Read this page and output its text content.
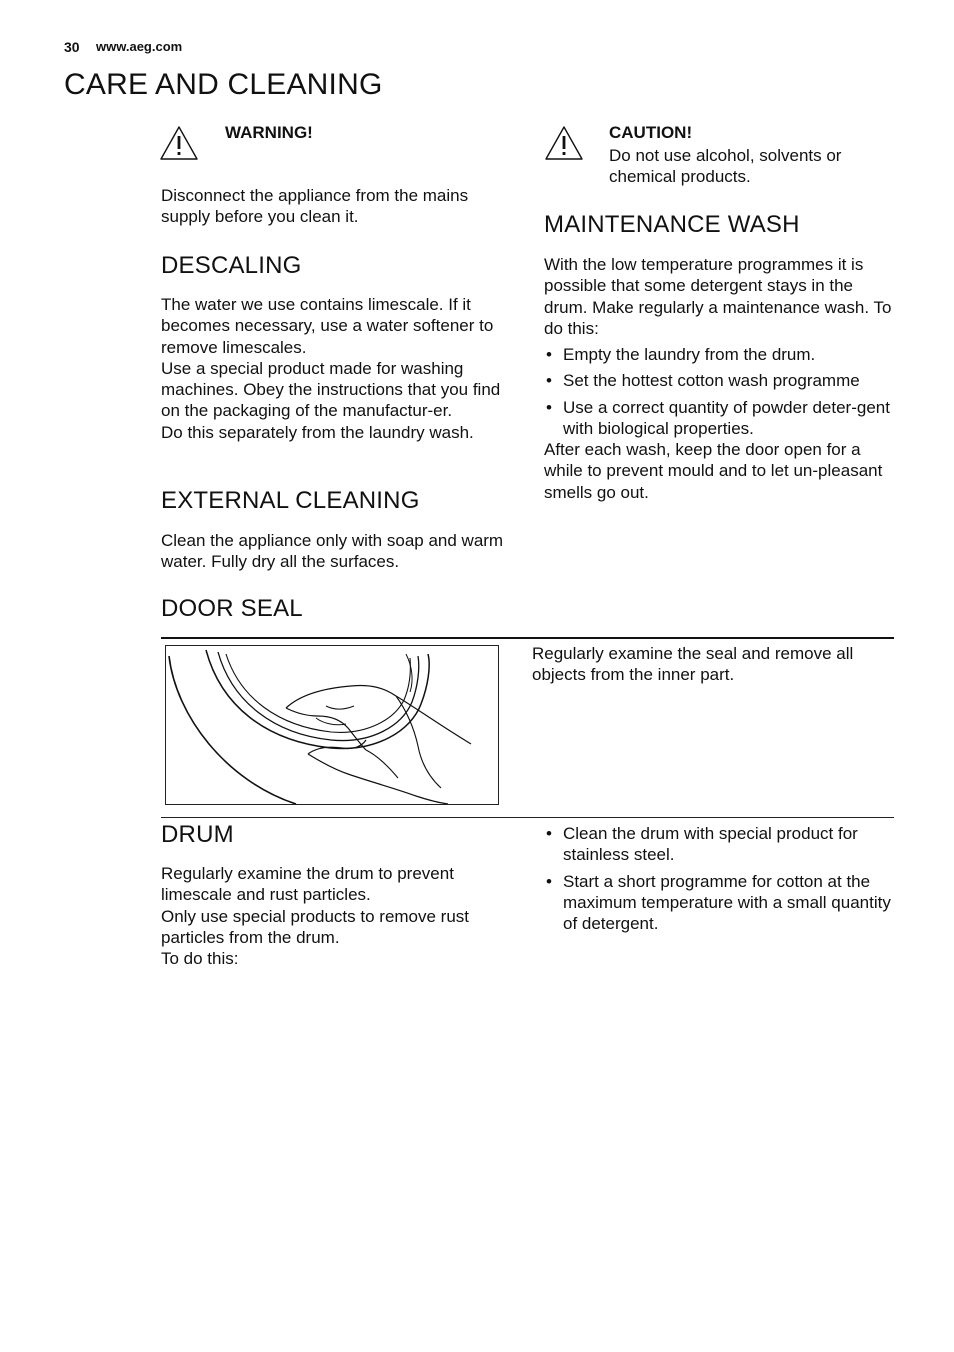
30 www.aeg.com
CARE AND CLEANING
WARNING!
Disconnect the appliance from the mains supply before you clean it.
DESCALING
The water we use contains limescale. If it becomes necessary, use a water softener to remove limescales.
Use a special product made for washing machines. Obey the instructions that you find on the packaging of the manufactur-er.
Do this separately from the laundry wash.
EXTERNAL CLEANING
Clean the appliance only with soap and warm water. Fully dry all the surfaces.
CAUTION!
Do not use alcohol, solvents or chemical products.
MAINTENANCE WASH
With the low temperature programmes it is possible that some detergent stays in the drum. Make regularly a maintenance wash. To do this:
• Empty the laundry from the drum.
• Set the hottest cotton wash programme
• Use a correct quantity of powder deter-gent with biological properties.
After each wash, keep the door open for a while to prevent mould and to let un-pleasant smells go out.
DOOR SEAL
Regularly examine the seal and remove all objects from the inner part.
DRUM
Regularly examine the drum to prevent limescale and rust particles.
Only use special products to remove rust particles from the drum.
To do this:
• Clean the drum with special product for stainless steel.
• Start a short programme for cotton at the maximum temperature with a small quantity of detergent.
